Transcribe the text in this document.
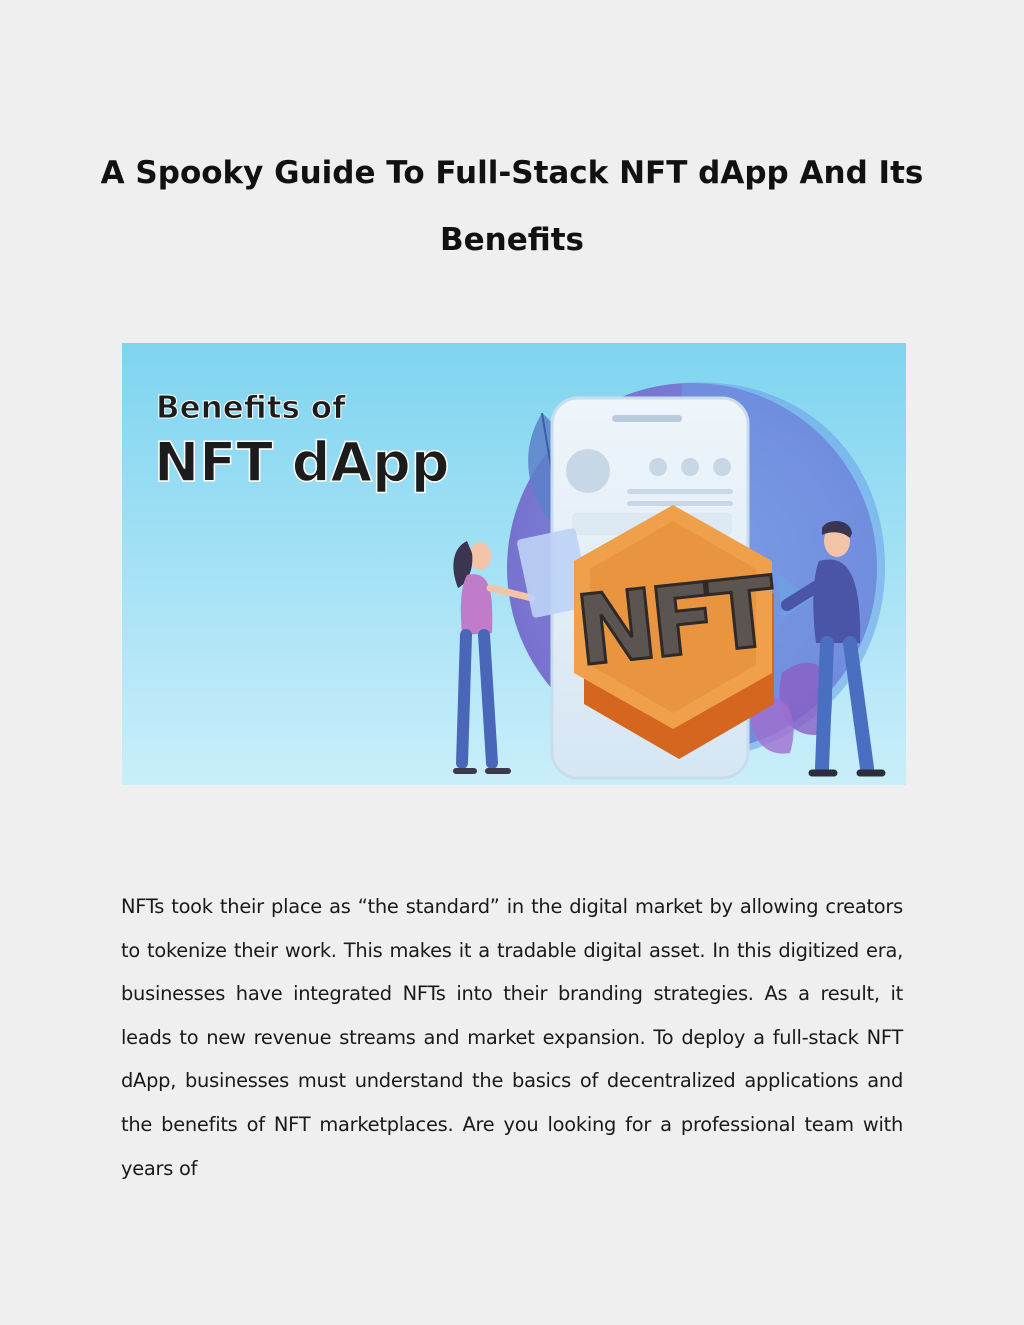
A Spooky Guide To Full-Stack NFT dApp And Its Benefits
NFT
Benefits of
NFT dApp

NFTs took their place as “the standard” in the digital market by allowing creators to tokenize their work. This makes it a tradable digital asset. In this digitized era, businesses have integrated NFTs into their branding strategies. As a result, it leads to new revenue streams and market expansion. To deploy a full-stack NFT dApp, businesses must understand the basics of decentralized applications and the benefits of NFT marketplaces. Are you looking for a professional team with years of
